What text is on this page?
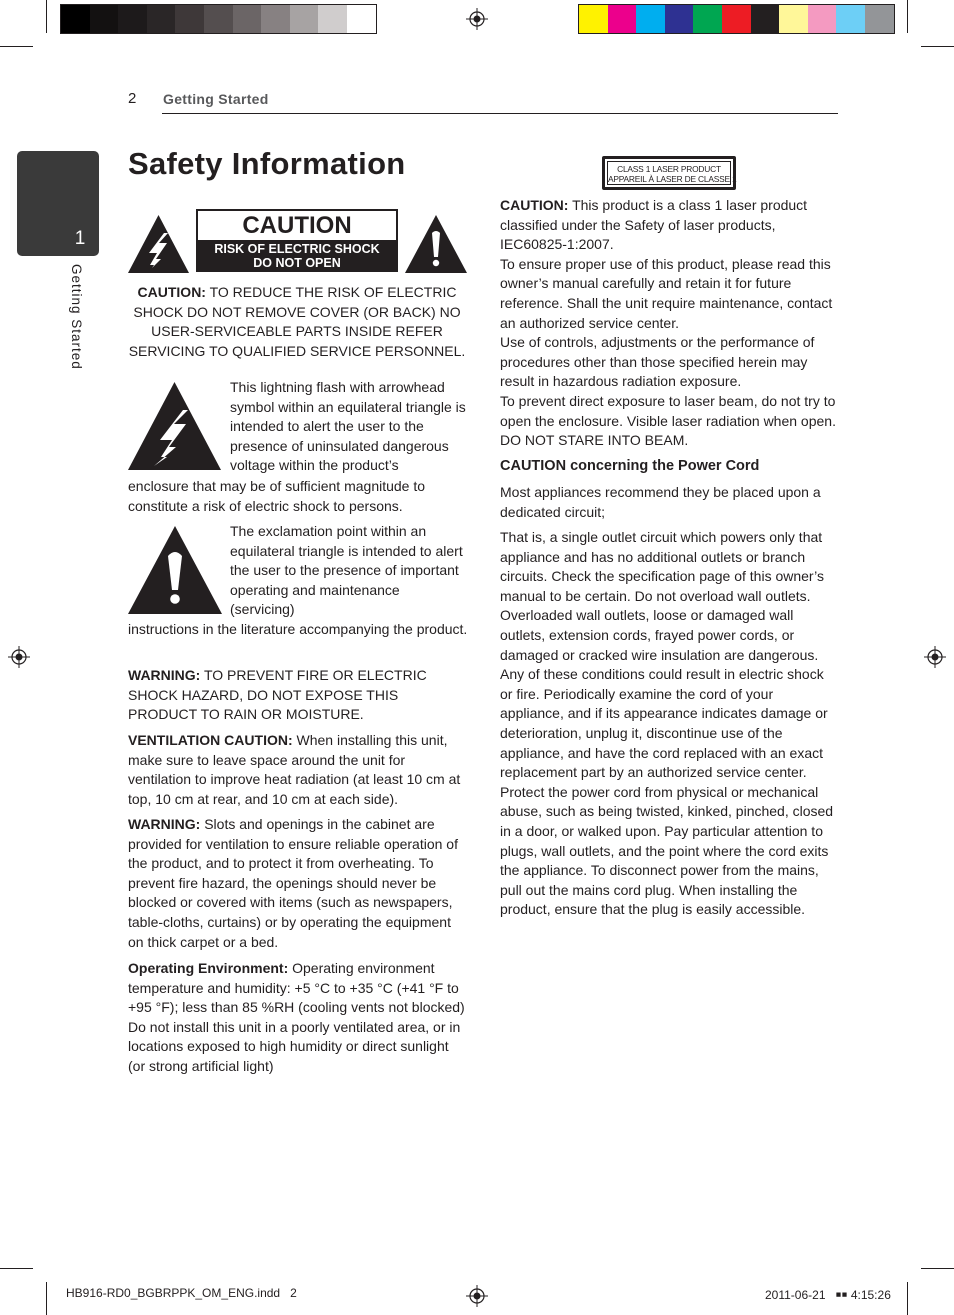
2 Getting Started
1
Getting Started
Safety Information
CAUTION
RISK OF ELECTRIC SHOCK
DO NOT OPEN

CAUTION: TO REDUCE THE RISK OF ELECTRIC SHOCK DO NOT REMOVE COVER (OR BACK) NO USER-SERVICEABLE PARTS INSIDE REFER SERVICING TO QUALIFIED SERVICE PERSONNEL.

This lightning flash with arrowhead symbol within an equilateral triangle is intended to alert the user to the presence of uninsulated dangerous voltage within the product’s

enclosure that may be of sufficient magnitude to constitute a risk of electric shock to persons.

The exclamation point within an equilateral triangle is intended to alert the user to the presence of important operating and maintenance (servicing)

instructions in the literature accompanying the product.

WARNING: TO PREVENT FIRE OR ELECTRIC SHOCK HAZARD, DO NOT EXPOSE THIS PRODUCT TO RAIN OR MOISTURE.

VENTILATION CAUTION: When installing this unit, make sure to leave space around the unit for ventilation to improve heat radiation (at least 10 cm at top, 10 cm at rear, and 10 cm at each side).

WARNING: Slots and openings in the cabinet are provided for ventilation to ensure reliable operation of the product, and to protect it from overheating. To prevent fire hazard, the openings should never be blocked or covered with items (such as newspapers, table-cloths, curtains) or by operating the equipment on thick carpet or a bed.

Operating Environment: Operating environment temperature and humidity: +5 °C to +35 °C (+41 °F to +95 °F); less than 85 %RH (cooling vents not blocked)
Do not install this unit in a poorly ventilated area, or in locations exposed to high humidity or direct sunlight (or strong artificial light)

CLASS 1 LASER PRODUCT
APPAREIL À LASER DE CLASSE 1

CAUTION: This product is a class 1 laser product classified under the Safety of laser products, IEC60825-1:2007.
To ensure proper use of this product, please read this owner’s manual carefully and retain it for future reference. Shall the unit require maintenance, contact an authorized service center.
Use of controls, adjustments or the performance of procedures other than those specified herein may result in hazardous radiation exposure.
To prevent direct exposure to laser beam, do not try to open the enclosure. Visible laser radiation when open. DO NOT STARE INTO BEAM.

CAUTION concerning the Power Cord

Most appliances recommend they be placed upon a dedicated circuit;

That is, a single outlet circuit which powers only that appliance and has no additional outlets or branch circuits. Check the specification page of this owner’s manual to be certain. Do not overload wall outlets. Overloaded wall outlets, loose or damaged wall outlets, extension cords, frayed power cords, or damaged or cracked wire insulation are dangerous. Any of these conditions could result in electric shock or fire. Periodically examine the cord of your appliance, and if its appearance indicates damage or deterioration, unplug it, discontinue use of the appliance, and have the cord replaced with an exact replacement part by an authorized service center. Protect the power cord from physical or mechanical abuse, such as being twisted, kinked, pinched, closed in a door, or walked upon. Pay particular attention to plugs, wall outlets, and the point where the cord exits the appliance. To disconnect power from the mains, pull out the mains cord plug. When installing the product, ensure that the plug is easily accessible.

HB916-RD0_BGBRPPK_OM_ENG.indd   2	2011-06-21   ￭￭ 4:15:26
